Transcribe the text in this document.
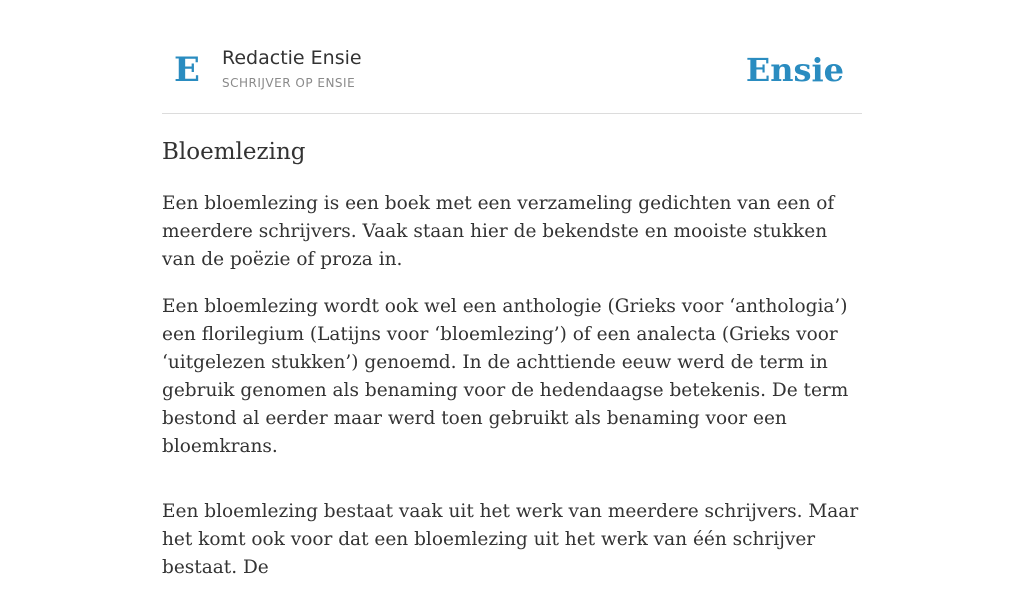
E Redactie Ensie
SCHRIJVER OP ENSIE	Ensie
Bloemlezing

Een bloemlezing is een boek met een verzameling gedichten van een of meerdere schrijvers. Vaak staan hier de bekendste en mooiste stukken van de poëzie of proza in.

Een bloemlezing wordt ook wel een anthologie (Grieks voor ‘anthologia’) een florilegium (Latijns voor ‘bloemlezing’) of een analecta (Grieks voor ‘uitgelezen stukken’) genoemd. In de achttiende eeuw werd de term in gebruik genomen als benaming voor de hedendaagse betekenis. De term bestond al eerder maar werd toen gebruikt als benaming voor een bloemkrans.

Een bloemlezing bestaat vaak uit het werk van meerdere schrijvers. Maar het komt ook voor dat een bloemlezing uit het werk van één schrijver bestaat. De
